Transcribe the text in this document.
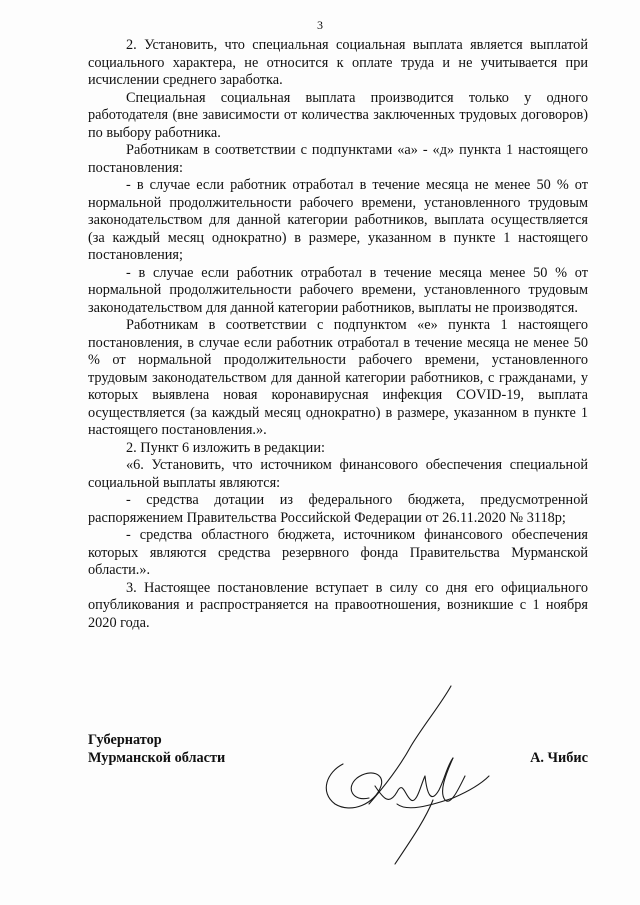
3

2. Установить, что специальная социальная выплата является выплатой социального характера, не относится к оплате труда и не учитывается при исчислении среднего заработка.

Специальная социальная выплата производится только у одного работодателя (вне зависимости от количества заключенных трудовых договоров) по выбору работника.

Работникам в соответствии с подпунктами «а» - «д» пункта 1 настоящего постановления:

- в случае если работник отработал в течение месяца не менее 50 % от нормальной продолжительности рабочего времени, установленного трудовым законодательством для данной категории работников, выплата осуществляется (за каждый месяц однократно) в размере, указанном в пункте 1 настоящего постановления;

- в случае если работник отработал в течение месяца менее 50 % от нормальной продолжительности рабочего времени, установленного трудовым законодательством для данной категории работников, выплаты не производятся.

Работникам в соответствии с подпунктом «е» пункта 1 настоящего постановления, в случае если работник отработал в течение месяца не менее 50 % от нормальной продолжительности рабочего времени, установленного трудовым законодательством для данной категории работников, с гражданами, у которых выявлена новая коронавирусная инфекция COVID-19, выплата осуществляется (за каждый месяц однократно) в размере, указанном в пункте 1 настоящего постановления.».

2. Пункт 6 изложить в редакции:

«6. Установить, что источником финансового обеспечения специальной социальной выплаты являются:

- средства дотации из федерального бюджета, предусмотренной распоряжением Правительства Российской Федерации от 26.11.2020 № 3118р;

- средства областного бюджета, источником финансового обеспечения которых являются средства резервного фонда Правительства Мурманской области.».

3. Настоящее постановление вступает в силу со дня его официального опубликования и распространяется на правоотношения, возникшие с 1 ноября 2020 года.

Губернатор
Мурманской области	А. Чибис
